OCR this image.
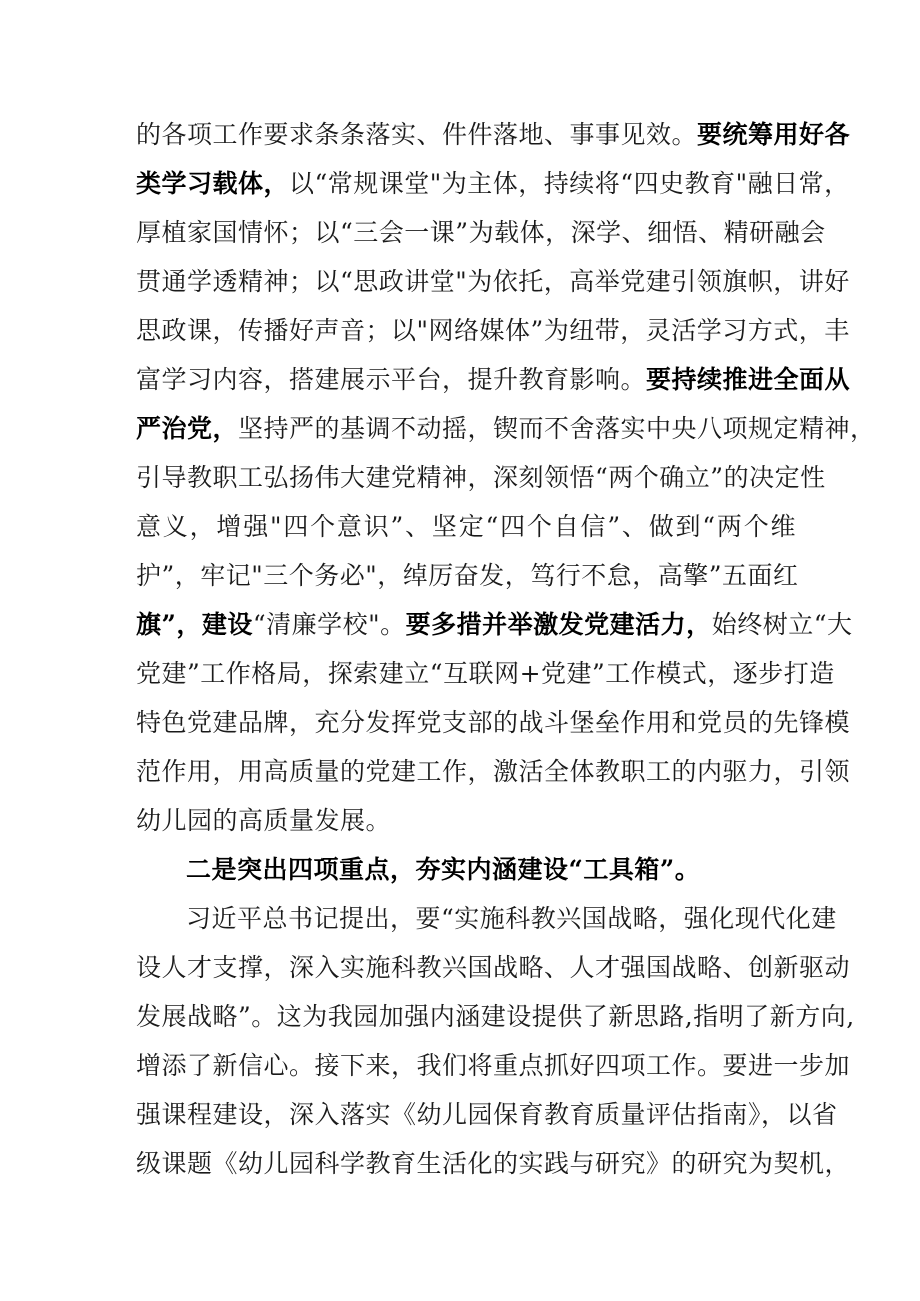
的各项工作要求条条落实、件件落地、事事见效。要统筹用好各
类学习载体，以“常规课堂"为主体，持续将“四史教育"融日常，
厚植家国情怀；以“三会一课”为载体，深学、细悟、精研融会
贯通学透精神；以“思政讲堂"为依托，高举党建引领旗帜，讲好
思政课，传播好声音；以"网络媒体”为纽带，灵活学习方式，丰
富学习内容，搭建展示平台，提升教育影响。要持续推进全面从
严治党，坚持严的基调不动摇，锲而不舍落实中央八项规定精神，
引导教职工弘扬伟大建党精神，深刻领悟“两个确立”的决定性
意义，增强"四个意识”、坚定“四个自信”、做到“两个维
护”，牢记"三个务必"，绰厉奋发，笃行不怠，高擎”五面红
旗”，建设“清廉学校"。要多措并举激发党建活力，始终树立“大
党建”工作格局，探索建立“互联网+党建”工作模式，逐步打造
特色党建品牌，充分发挥党支部的战斗堡垒作用和党员的先锋模
范作用，用高质量的党建工作，激活全体教职工的内驱力，引领
幼儿园的高质量发展。
二是突出四项重点，夯实内涵建设“工具箱”。
习近平总书记提出，要“实施科教兴国战略，强化现代化建
设人才支撑，深入实施科教兴国战略、人才强国战略、创新驱动
发展战略”。这为我园加强内涵建设提供了新思路,指明了新方向,
增添了新信心。接下来，我们将重点抓好四项工作。要进一步加
强课程建设，深入落实《幼儿园保育教育质量评估指南》，以省
级课题《幼儿园科学教育生活化的实践与研究》的研究为契机，
